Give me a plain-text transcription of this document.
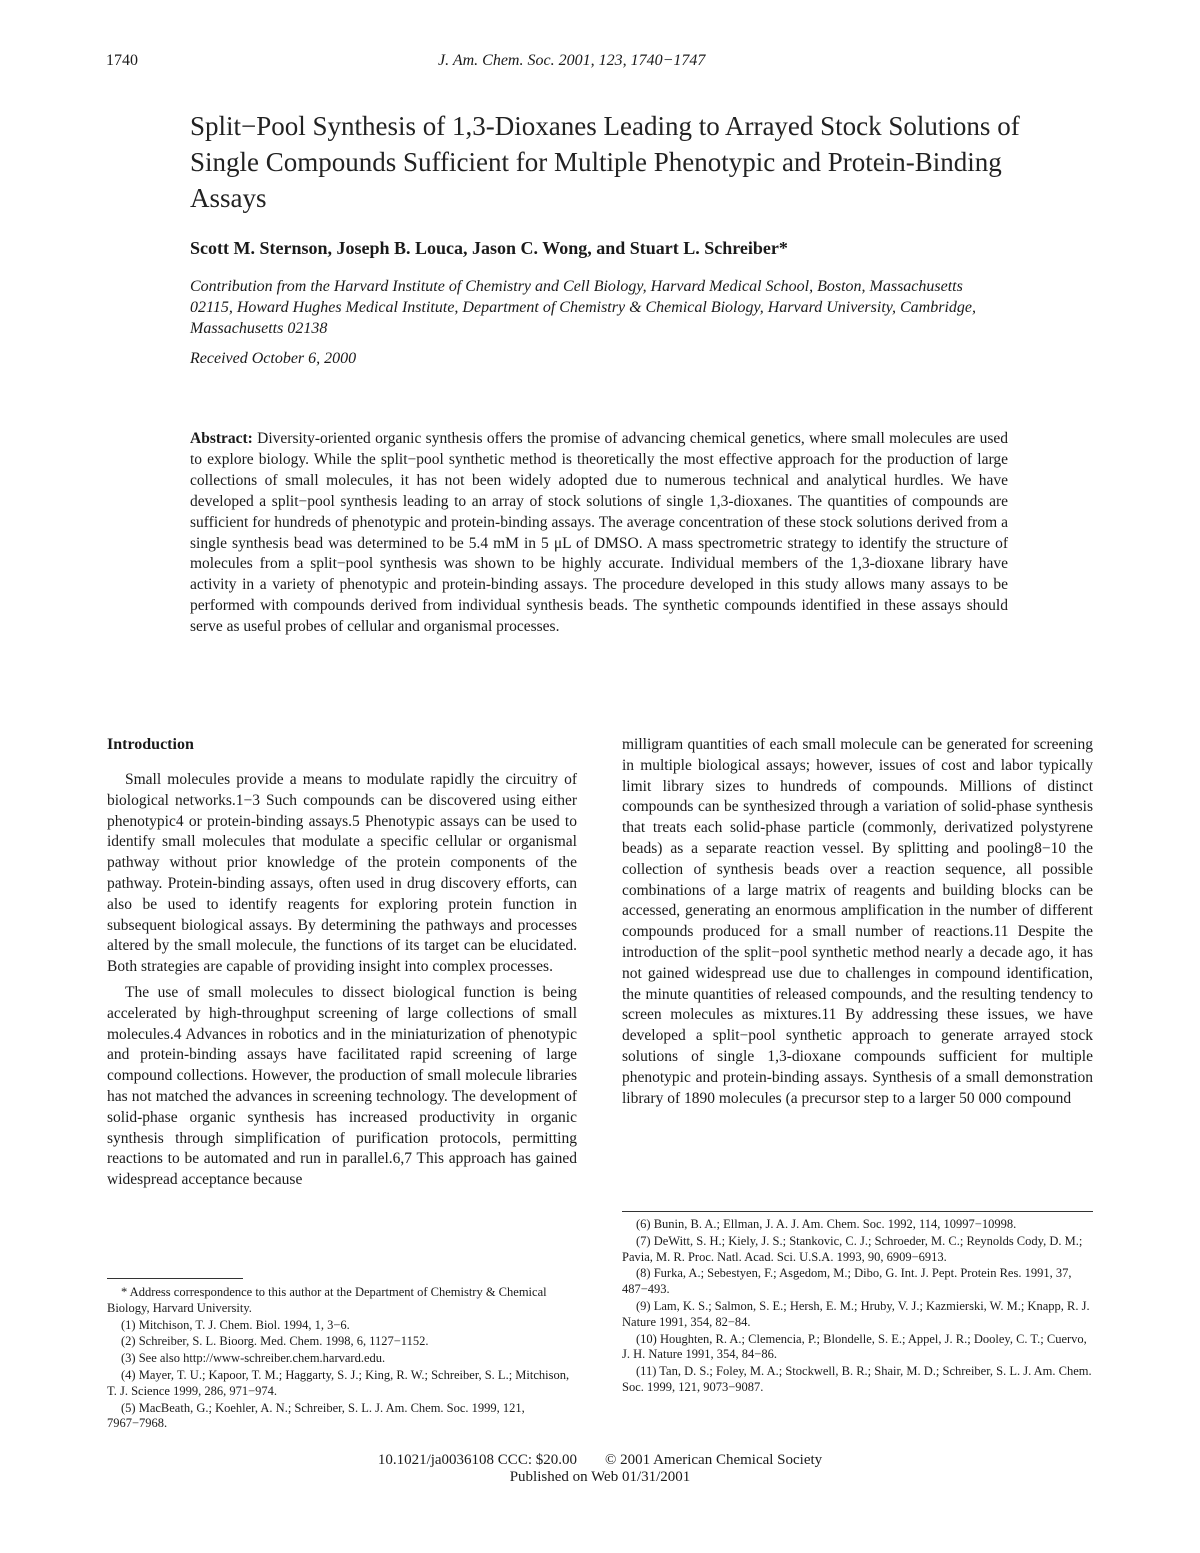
1740	J. Am. Chem. Soc. 2001, 123, 1740−1747
Split−Pool Synthesis of 1,3-Dioxanes Leading to Arrayed Stock Solutions of Single Compounds Sufficient for Multiple Phenotypic and Protein-Binding Assays
Scott M. Sternson, Joseph B. Louca, Jason C. Wong, and Stuart L. Schreiber*
Contribution from the Harvard Institute of Chemistry and Cell Biology, Harvard Medical School, Boston, Massachusetts 02115, Howard Hughes Medical Institute, Department of Chemistry & Chemical Biology, Harvard University, Cambridge, Massachusetts 02138
Received October 6, 2000
Abstract: Diversity-oriented organic synthesis offers the promise of advancing chemical genetics, where small molecules are used to explore biology. While the split−pool synthetic method is theoretically the most effective approach for the production of large collections of small molecules, it has not been widely adopted due to numerous technical and analytical hurdles. We have developed a split−pool synthesis leading to an array of stock solutions of single 1,3-dioxanes. The quantities of compounds are sufficient for hundreds of phenotypic and protein-binding assays. The average concentration of these stock solutions derived from a single synthesis bead was determined to be 5.4 mM in 5 μL of DMSO. A mass spectrometric strategy to identify the structure of molecules from a split−pool synthesis was shown to be highly accurate. Individual members of the 1,3-dioxane library have activity in a variety of phenotypic and protein-binding assays. The procedure developed in this study allows many assays to be performed with compounds derived from individual synthesis beads. The synthetic compounds identified in these assays should serve as useful probes of cellular and organismal processes.
Introduction

Small molecules provide a means to modulate rapidly the circuitry of biological networks.1−3 Such compounds can be discovered using either phenotypic4 or protein-binding assays.5 Phenotypic assays can be used to identify small molecules that modulate a specific cellular or organismal pathway without prior knowledge of the protein components of the pathway. Protein-binding assays, often used in drug discovery efforts, can also be used to identify reagents for exploring protein function in subsequent biological assays. By determining the pathways and processes altered by the small molecule, the functions of its target can be elucidated. Both strategies are capable of providing insight into complex processes.

The use of small molecules to dissect biological function is being accelerated by high-throughput screening of large collections of small molecules.4 Advances in robotics and in the miniaturization of phenotypic and protein-binding assays have facilitated rapid screening of large compound collections. However, the production of small molecule libraries has not matched the advances in screening technology. The development of solid-phase organic synthesis has increased productivity in organic synthesis through simplification of purification protocols, permitting reactions to be automated and run in parallel.6,7 This approach has gained widespread acceptance because

milligram quantities of each small molecule can be generated for screening in multiple biological assays; however, issues of cost and labor typically limit library sizes to hundreds of compounds. Millions of distinct compounds can be synthesized through a variation of solid-phase synthesis that treats each solid-phase particle (commonly, derivatized polystyrene beads) as a separate reaction vessel. By splitting and pooling8−10 the collection of synthesis beads over a reaction sequence, all possible combinations of a large matrix of reagents and building blocks can be accessed, generating an enormous amplification in the number of different compounds produced for a small number of reactions.11 Despite the introduction of the split−pool synthetic method nearly a decade ago, it has not gained widespread use due to challenges in compound identification, the minute quantities of released compounds, and the resulting tendency to screen molecules as mixtures.11 By addressing these issues, we have developed a split−pool synthetic approach to generate arrayed stock solutions of single 1,3-dioxane compounds sufficient for multiple phenotypic and protein-binding assays. Synthesis of a small demonstration library of 1890 molecules (a precursor step to a larger 50 000 compound

* Address correspondence to this author at the Department of Chemistry & Chemical Biology, Harvard University.
(1) Mitchison, T. J. Chem. Biol. 1994, 1, 3−6.
(2) Schreiber, S. L. Bioorg. Med. Chem. 1998, 6, 1127−1152.
(3) See also http://www-schreiber.chem.harvard.edu.
(4) Mayer, T. U.; Kapoor, T. M.; Haggarty, S. J.; King, R. W.; Schreiber, S. L.; Mitchison, T. J. Science 1999, 286, 971−974.
(5) MacBeath, G.; Koehler, A. N.; Schreiber, S. L. J. Am. Chem. Soc. 1999, 121, 7967−7968.
(6) Bunin, B. A.; Ellman, J. A. J. Am. Chem. Soc. 1992, 114, 10997−10998.
(7) DeWitt, S. H.; Kiely, J. S.; Stankovic, C. J.; Schroeder, M. C.; Reynolds Cody, D. M.; Pavia, M. R. Proc. Natl. Acad. Sci. U.S.A. 1993, 90, 6909−6913.
(8) Furka, A.; Sebestyen, F.; Asgedom, M.; Dibo, G. Int. J. Pept. Protein Res. 1991, 37, 487−493.
(9) Lam, K. S.; Salmon, S. E.; Hersh, E. M.; Hruby, V. J.; Kazmierski, W. M.; Knapp, R. J. Nature 1991, 354, 82−84.
(10) Houghten, R. A.; Clemencia, P.; Blondelle, S. E.; Appel, J. R.; Dooley, C. T.; Cuervo, J. H. Nature 1991, 354, 84−86.
(11) Tan, D. S.; Foley, M. A.; Stockwell, B. R.; Shair, M. D.; Schreiber, S. L. J. Am. Chem. Soc. 1999, 121, 9073−9087.
10.1021/ja0036108 CCC: $20.00 © 2001 American Chemical Society
Published on Web 01/31/2001
